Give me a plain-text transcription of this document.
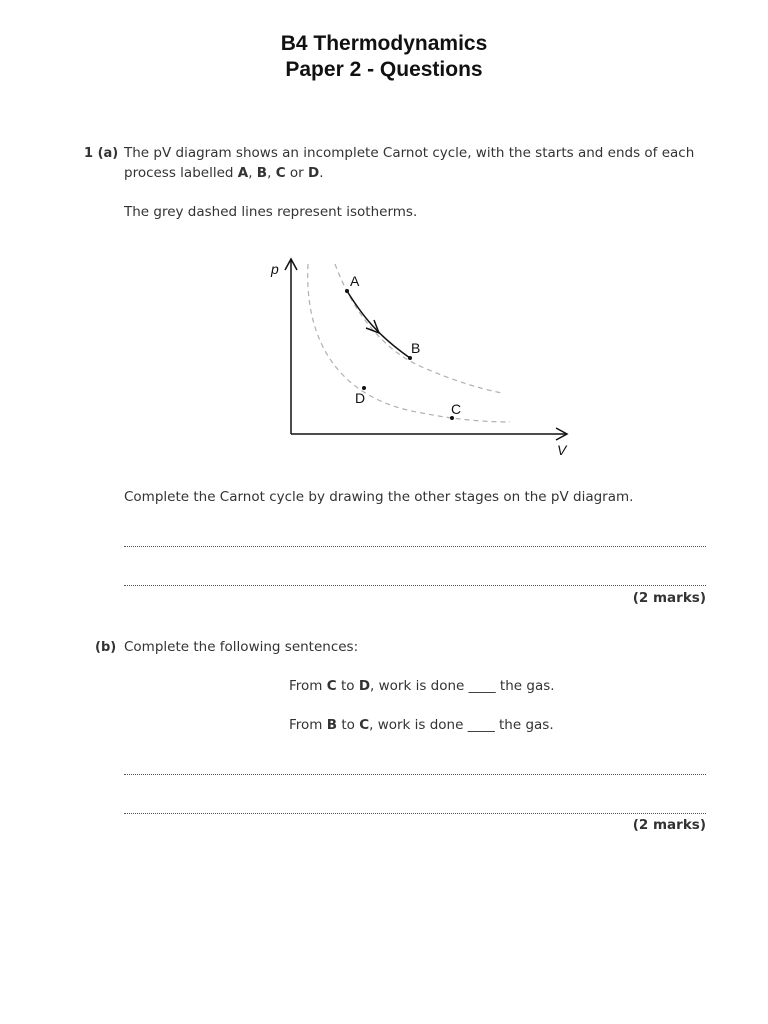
B4 Thermodynamics
Paper 2 - Questions
1 (a) The pV diagram shows an incomplete Carnot cycle, with the starts and ends of each process labelled A, B, C or D.
The grey dashed lines represent isotherms.
p
V
A
B
C
D
Complete the Carnot cycle by drawing the other stages on the pV diagram.
(2 marks)
(b) Complete the following sentences:
From C to D, work is done ____ the gas.
From B to C, work is done ____ the gas.
(2 marks)
